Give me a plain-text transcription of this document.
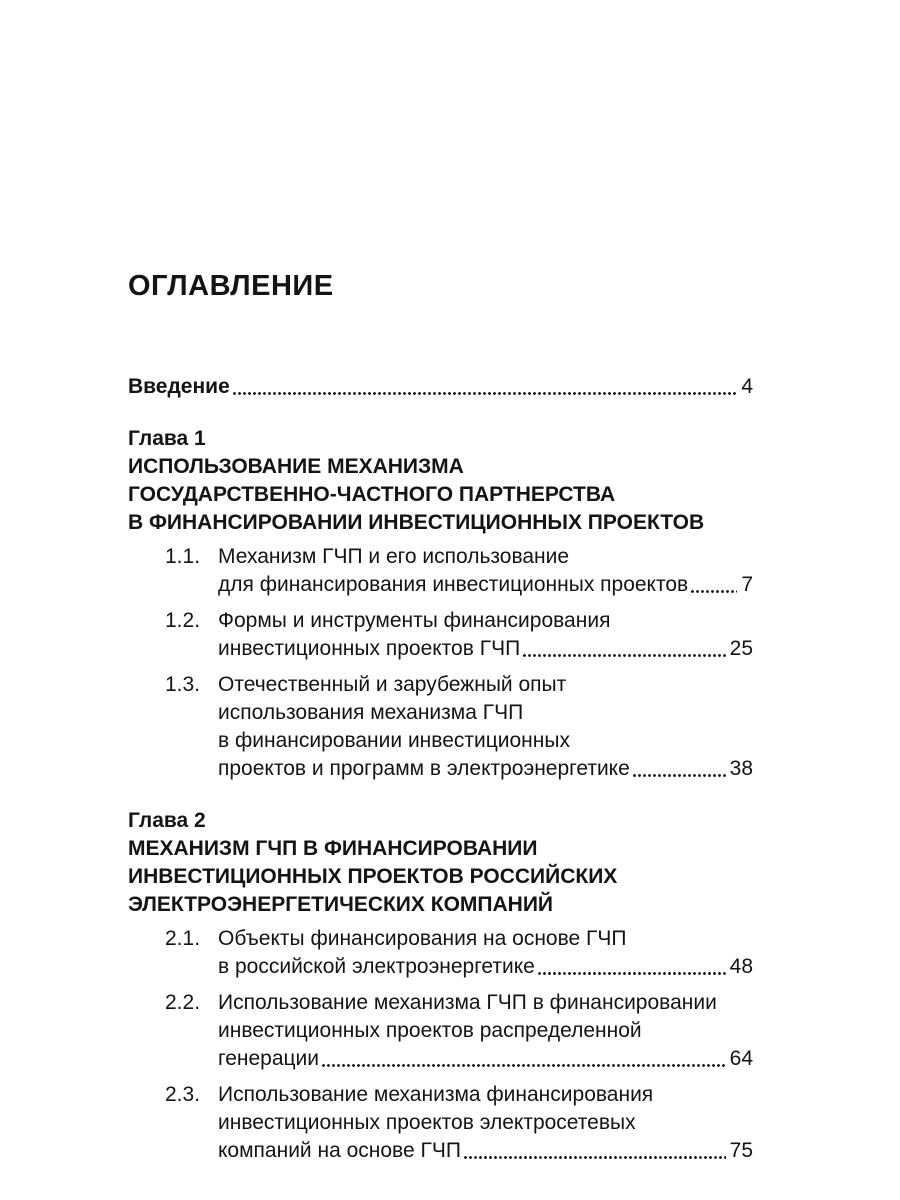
ОГЛАВЛЕНИЕ
Введение	4
Глава 1
ИСПОЛЬЗОВАНИЕ МЕХАНИЗМА
ГОСУДАРСТВЕННО-ЧАСТНОГО ПАРТНЕРСТВА
В ФИНАНСИРОВАНИИ ИНВЕСТИЦИОННЫХ ПРОЕКТОВ
1.1. Механизм ГЧП и его использование
для финансирования инвестиционных проектов	7
1.2. Формы и инструменты финансирования
инвестиционных проектов ГЧП	25
1.3. Отечественный и зарубежный опыт
использования механизма ГЧП
в финансировании инвестиционных
проектов и программ в электроэнергетике	38
Глава 2
МЕХАНИЗМ ГЧП В ФИНАНСИРОВАНИИ
ИНВЕСТИЦИОННЫХ ПРОЕКТОВ РОССИЙСКИХ
ЭЛЕКТРОЭНЕРГЕТИЧЕСКИХ КОМПАНИЙ
2.1. Объекты финансирования на основе ГЧП
в российской электроэнергетике	48
2.2. Использование механизма ГЧП в финансировании
инвестиционных проектов распределенной
генерации	64
2.3. Использование механизма финансирования
инвестиционных проектов электросетевых
компаний на основе ГЧП	75
